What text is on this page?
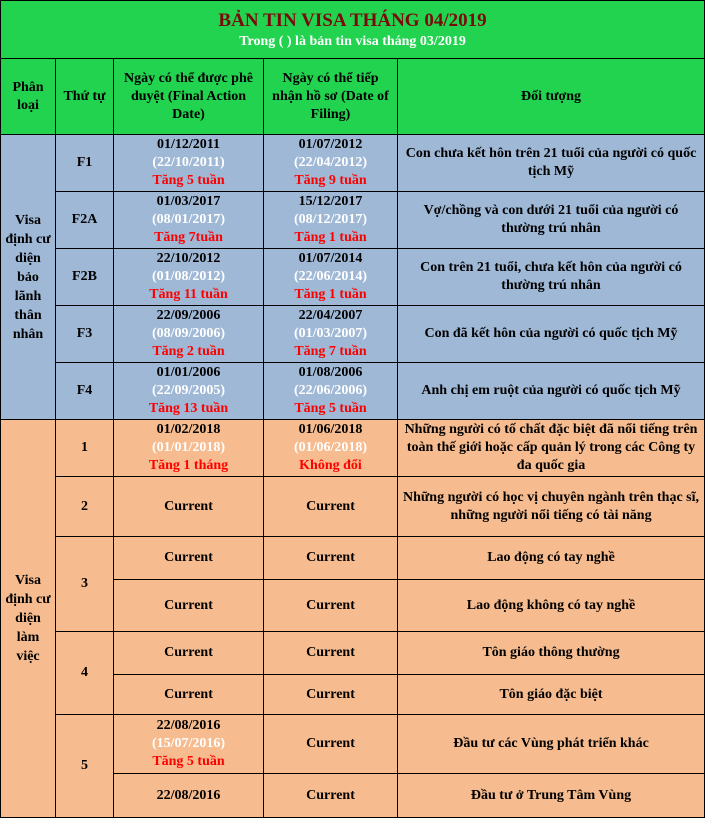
BẢN TIN VISA THÁNG 04/2019
Trong ( ) là bản tin visa tháng 03/2019				

Phân loại	Thứ tự	Ngày có thể được phê duyệt (Final Action Date)	Ngày có thể tiếp nhận hồ sơ (Date of Filing)	Đối tượng
Visa định cư diện bảo lãnh thân nhân	F1	01/12/2011
(22/10/2011)
Tăng 5 tuần	01/07/2012
(22/04/2012)
Tăng 9 tuần	Con chưa kết hôn trên 21 tuổi của người có quốc tịch Mỹ
	F2A	01/03/2017
(08/01/2017)
Tăng 7tuần	15/12/2017
(08/12/2017)
Tăng 1 tuần	Vợ/chồng và con dưới 21 tuổi của người có thường trú nhân
	F2B	22/10/2012
(01/08/2012)
Tăng 11 tuần	01/07/2014
(22/06/2014)
Tăng 1 tuần	Con trên 21 tuổi, chưa kết hôn của người có thường trú nhân
	F3	22/09/2006
(08/09/2006)
Tăng 2 tuần	22/04/2007
(01/03/2007)
Tăng 7 tuần	Con đã kết hôn của người có quốc tịch Mỹ
	F4	01/01/2006
(22/09/2005)
Tăng 13 tuần	01/08/2006
(22/06/2006)
Tăng 5 tuần	Anh chị em ruột của người có quốc tịch Mỹ
Visa định cư diện làm việc	1	01/02/2018
(01/01/2018)
Tăng 1 tháng	01/06/2018
(01/06/2018)
Không đổi	Những người có tố chất đặc biệt đã nổi tiếng trên toàn thế giới hoặc cấp quản lý trong các Công ty đa quốc gia
	2	Current	Current	Những người có học vị chuyên ngành trên thạc sĩ, những người nổi tiếng có tài năng
	3	Current	Current	Lao động có tay nghề
		Current	Current	Lao động không có tay nghề
	4	Current	Current	Tôn giáo thông thường
		Current	Current	Tôn giáo đặc biệt
	5	22/08/2016
(15/07/2016)
Tăng 5 tuần	Current	Đầu tư các Vùng phát triển khác
		22/08/2016	Current	Đầu tư ở Trung Tâm Vùng
